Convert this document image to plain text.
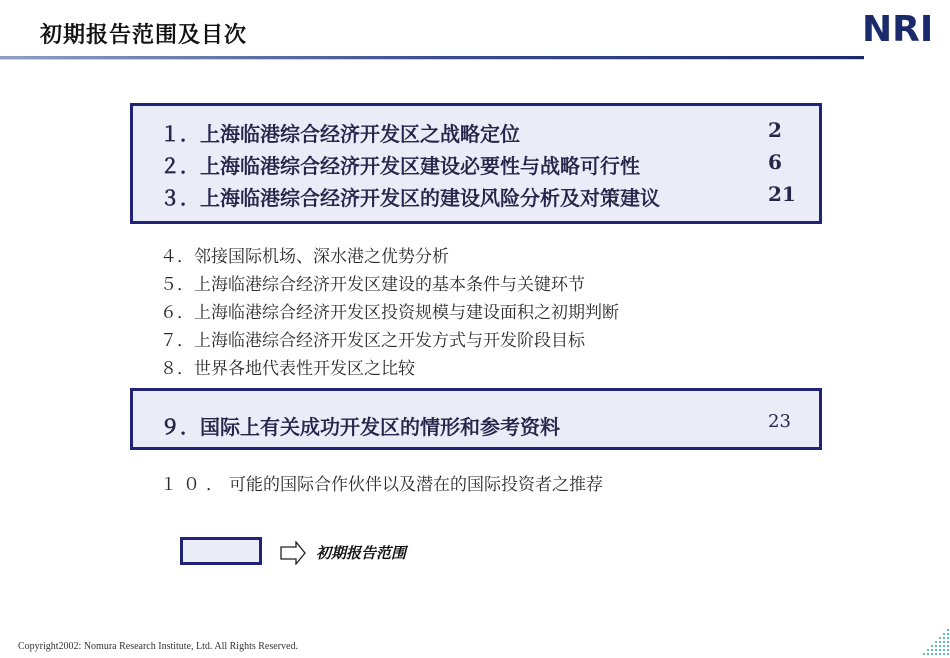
初期报告范围及目次	NRI
１． 上海临港综合经济开发区之战略定位	2
２． 上海临港综合经济开发区建设必要性与战略可行性	6
３． 上海临港综合经济开发区的建设风险分析及对策建议	21
４． 邻接国际机场、深水港之优势分析
５． 上海临港综合经济开发区建设的基本条件与关键环节
６． 上海临港综合经济开发区投资规模与建设面积之初期判断
７． 上海临港综合经济开发区之开发方式与开发阶段目标
８． 世界各地代表性开发区之比较
９． 国际上有关成功开发区的情形和参考资料	23
１０． 可能的国际合作伙伴以及潜在的国际投资者之推荐
初期报告范围
Copyright2002: Nomura Research Institute, Ltd. All Rights Reserved.
